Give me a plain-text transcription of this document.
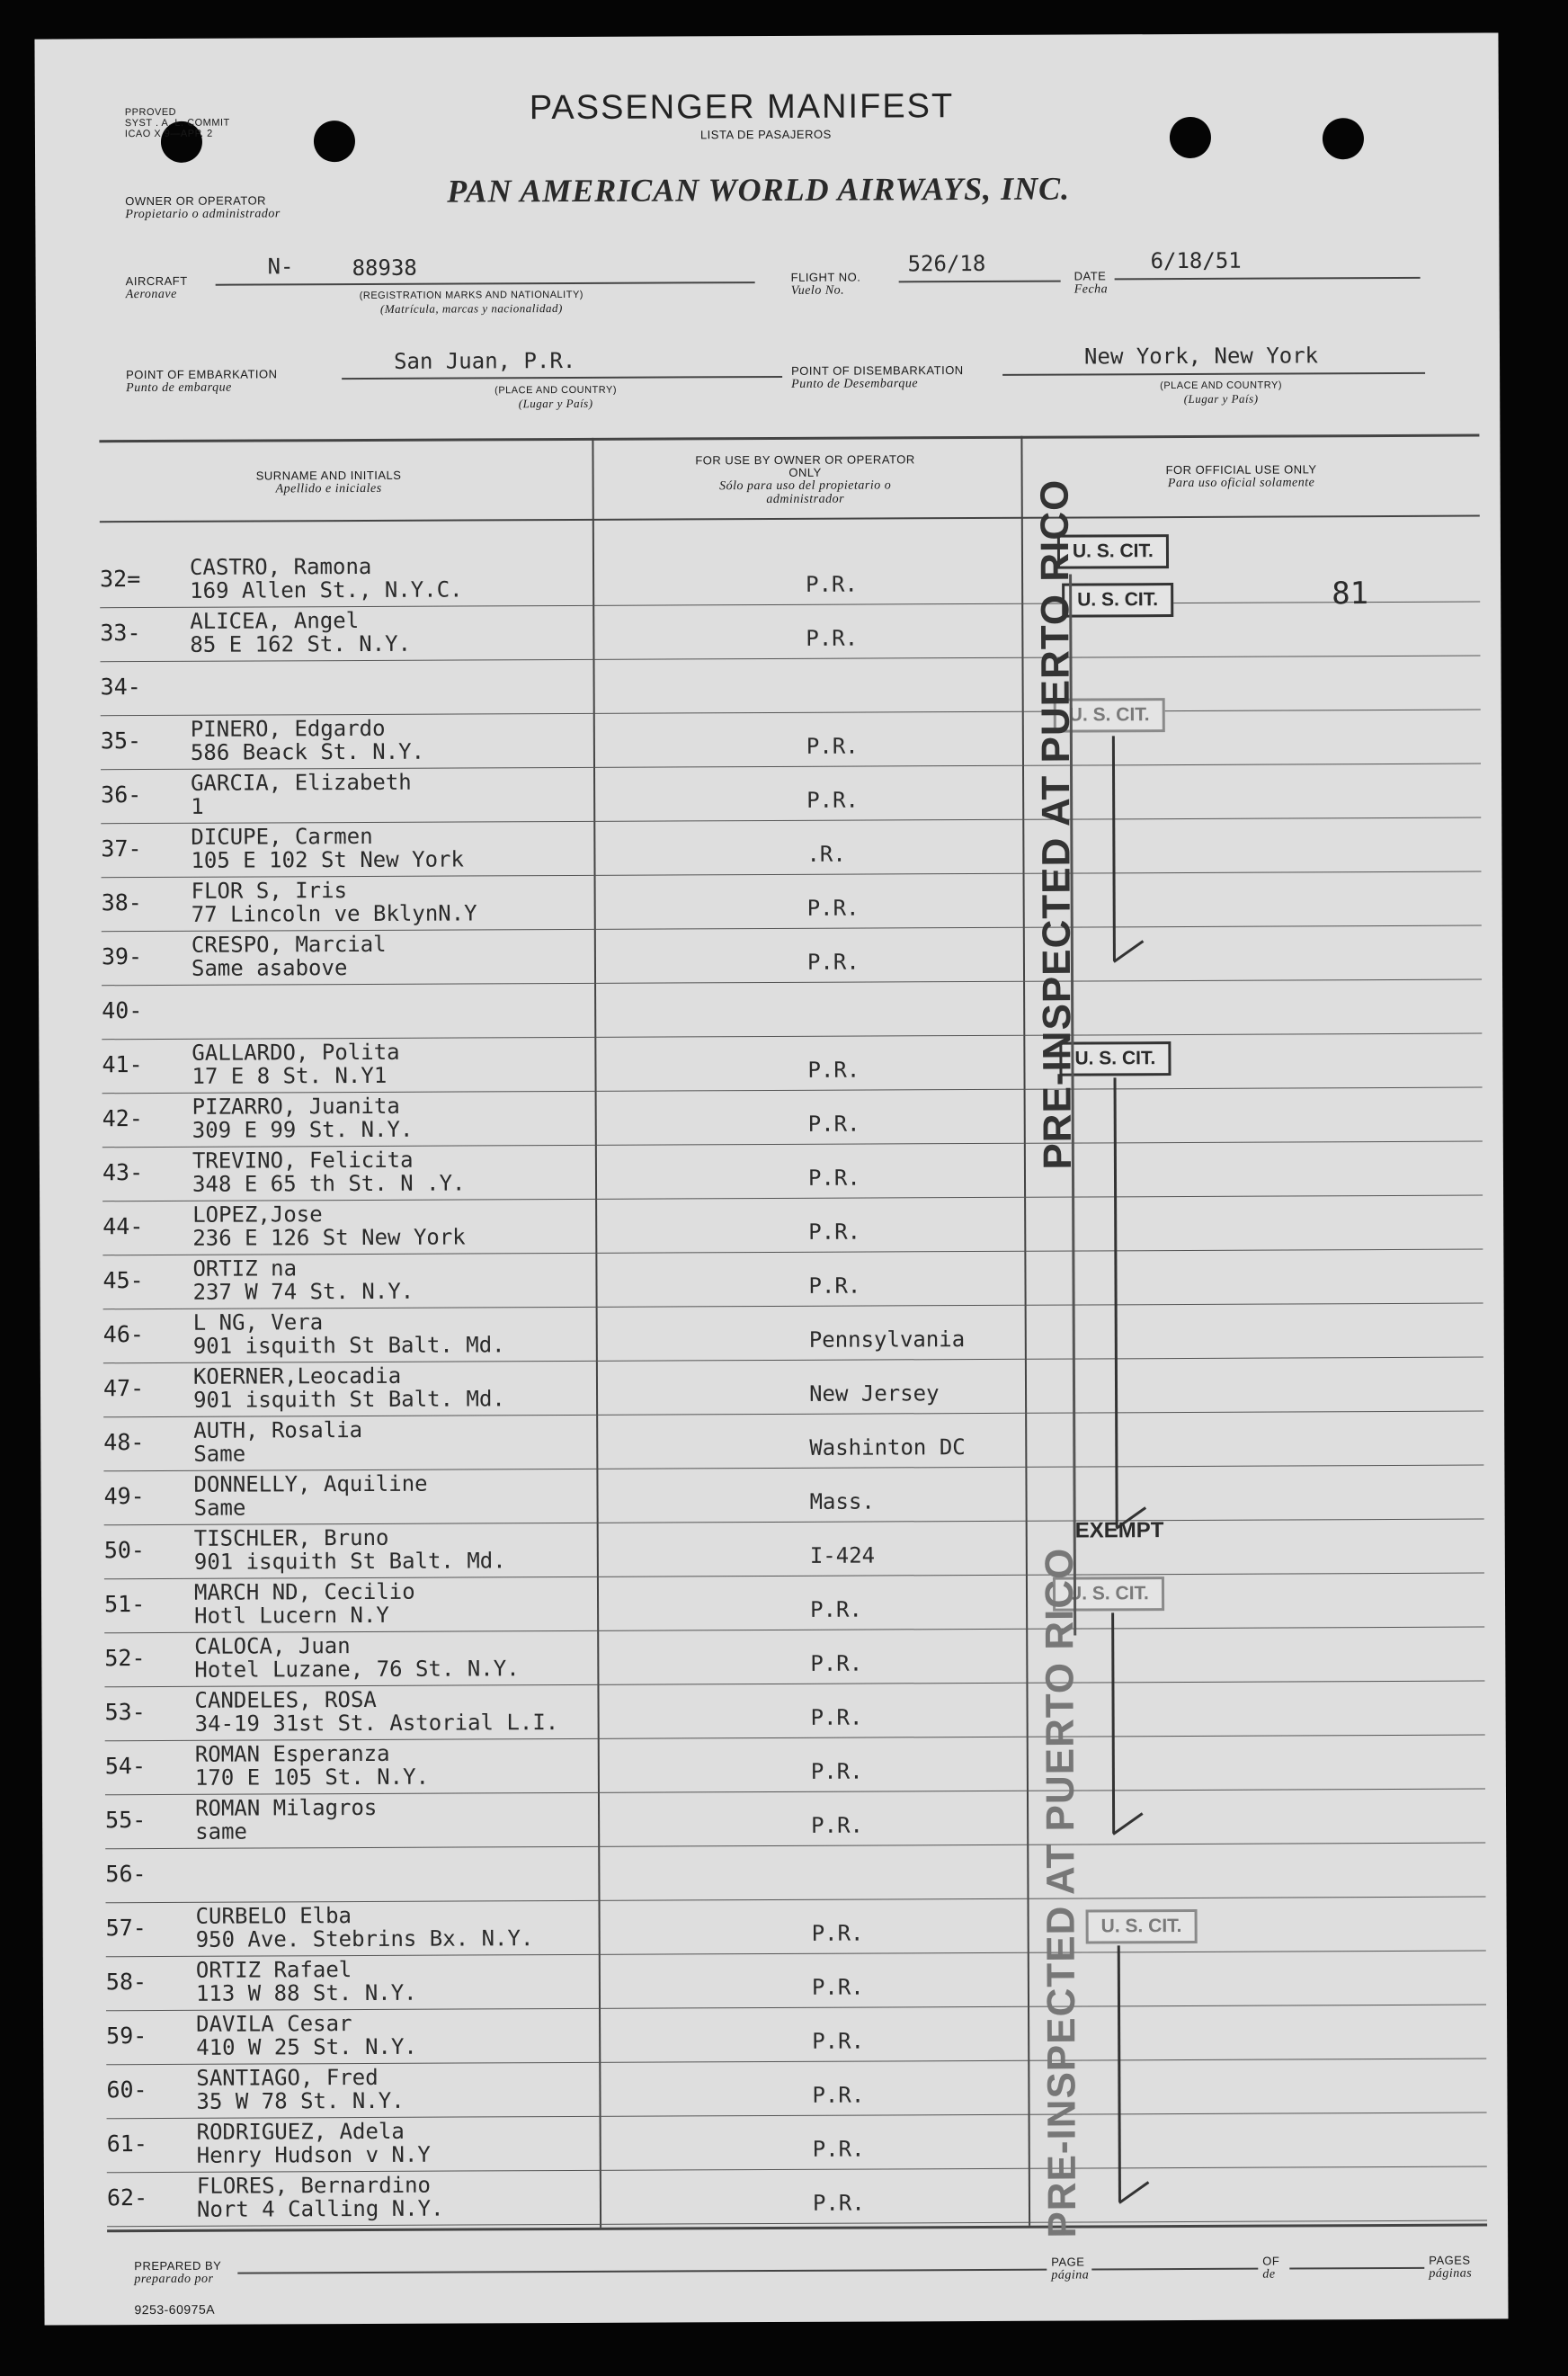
PPROVED
SYST . A. L. COMMIT
ICAO X 9—APP. 2
PASSENGER MANIFEST
LISTA DE PASAJEROS
OWNER OR OPERATOR
Propietario o administrador
PAN AMERICAN WORLD AIRWAYS, INC.
AIRCRAFT
Aeronave
N-	88938
(REGISTRATION MARKS AND NATIONALITY)
(Matrícula, marcas y nacionalidad)
FLIGHT NO.
Vuelo No.
526/18	DATE
Fecha
6/18/51
POINT OF EMBARKATION
Punto de embarque
San Juan, P.R.
(PLACE AND COUNTRY)
(Lugar y País)
POINT OF DISEMBARKATION
Punto de Desembarque
New York, New York
(PLACE AND COUNTRY)
(Lugar y País)
SURNAME AND INITIALS
Apellido e iniciales
FOR USE BY OWNER OR OPERATOR ONLY
Sólo para uso del propietario o administrador
FOR OFFICIAL USE ONLY
Para uso oficial solamente
32= CASTRO, Ramona
169 Allen St., N.Y.C.	P.R.
33- ALICEA, Angel
85 E 162 St. N.Y.	P.R.
34-
35- PINERO, Edgardo
586 Beack St. N.Y.	P.R.
36- GARCIA, Elizabeth
1	P.R.
37- DICUPE, Carmen
105 E 102 St New York	.R.
38- FLOR S, Iris
77 Lincoln ve BklynN.Y	P.R.
39- CRESPO, Marcial
Same asabove	P.R.
40-
41- GALLARDO, Polita
17 E 8 St. N.Y1	P.R.
42- PIZARRO, Juanita
309 E 99 St. N.Y.	P.R.
43- TREVINO, Felicita
348 E 65 th St. N .Y.	P.R.
44- LOPEZ,Jose
236 E 126 St New York	P.R.
45- ORTIZ na
237 W 74 St. N.Y.	P.R.
46- L NG, Vera
901 isquith St Balt. Md.	Pennsylvania
47- KOERNER,Leocadia
901 isquith St Balt. Md.	New Jersey
48- AUTH, Rosalia
Same	Washinton DC
49- DONNELLY, Aquiline
Same	Mass.
50- TISCHLER, Bruno
901 isquith St Balt. Md.	I-424
51- MARCH ND, Cecilio
Hotl Lucern N.Y	P.R.
52- CALOCA, Juan
Hotel Luzane, 76 St. N.Y.	P.R.
53- CANDELES, ROSA
34-19 31st St. Astorial L.I.	P.R.
54- ROMAN Esperanza
170 E 105 St. N.Y.	P.R.
55- ROMAN Milagros
same	P.R.
56-
57- CURBELO Elba
950 Ave. Stebrins Bx. N.Y.	P.R.
58- ORTIZ Rafael
113 W 88 St. N.Y.	P.R.
59- DAVILA Cesar
410 W 25 St. N.Y.	P.R.
60- SANTIAGO, Fred
35 W 78 St. N.Y.	P.R.
61- RODRIGUEZ, Adela
Henry Hudson v N.Y	P.R.
62- FLORES, Bernardino
Nort 4 Calling N.Y.	P.R.
U. S. CIT.
U. S. CIT.	81
U. S. CIT.
U. S. CIT.
EXEMPT
U. S. CIT.
U. S. CIT.
PRE-INSPECTED AT PUERTO RICO
PRE-INSPECTED AT PUERTO RICO
PREPARED BY
preparado por
PAGE
página
OF
de
PAGES
páginas
9253-60975A
